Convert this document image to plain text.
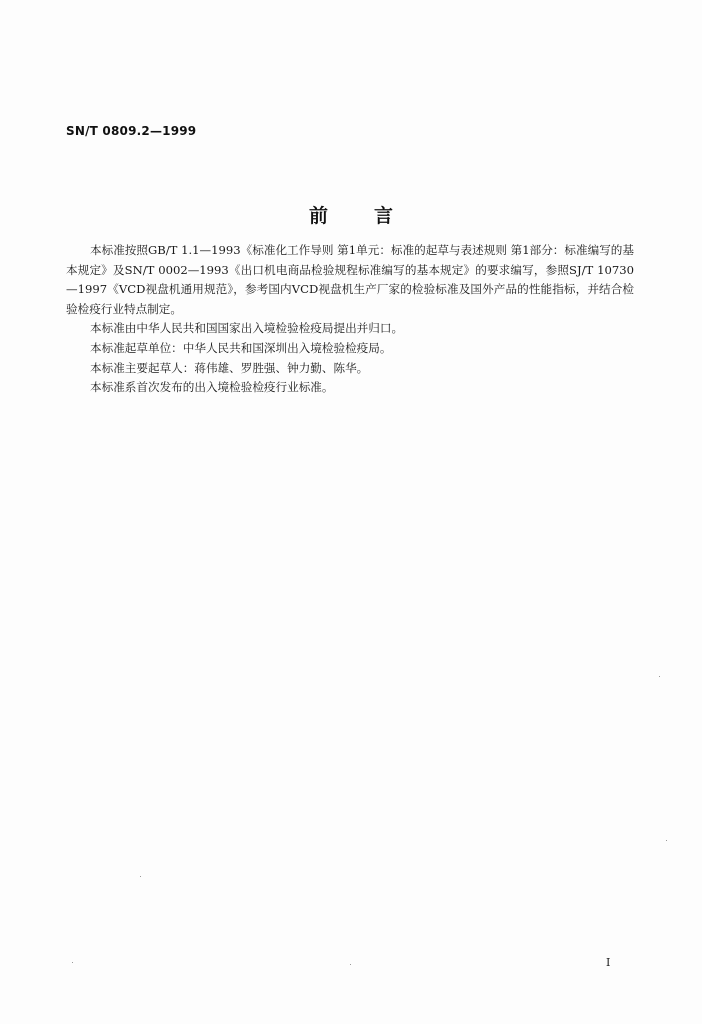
SN/T 0809.2—1999
前言

本标准按照GB/T 1.1—1993《标准化工作导则 第1单元：标准的起草与表述规则 第1部分：标准编写的基本规定》及SN/T 0002—1993《出口机电商品检验规程标准编写的基本规定》的要求编写，参照SJ/T 10730—1997《VCD视盘机通用规范》，参考国内VCD视盘机生产厂家的检验标准及国外产品的性能指标，并结合检验检疫行业特点制定。

本标准由中华人民共和国国家出入境检验检疫局提出并归口。

本标准起草单位：中华人民共和国深圳出入境检验检疫局。

本标准主要起草人：蒋伟雄、罗胜强、钟力勤、陈华。

本标准系首次发布的出入境检验检疫行业标准。

I
